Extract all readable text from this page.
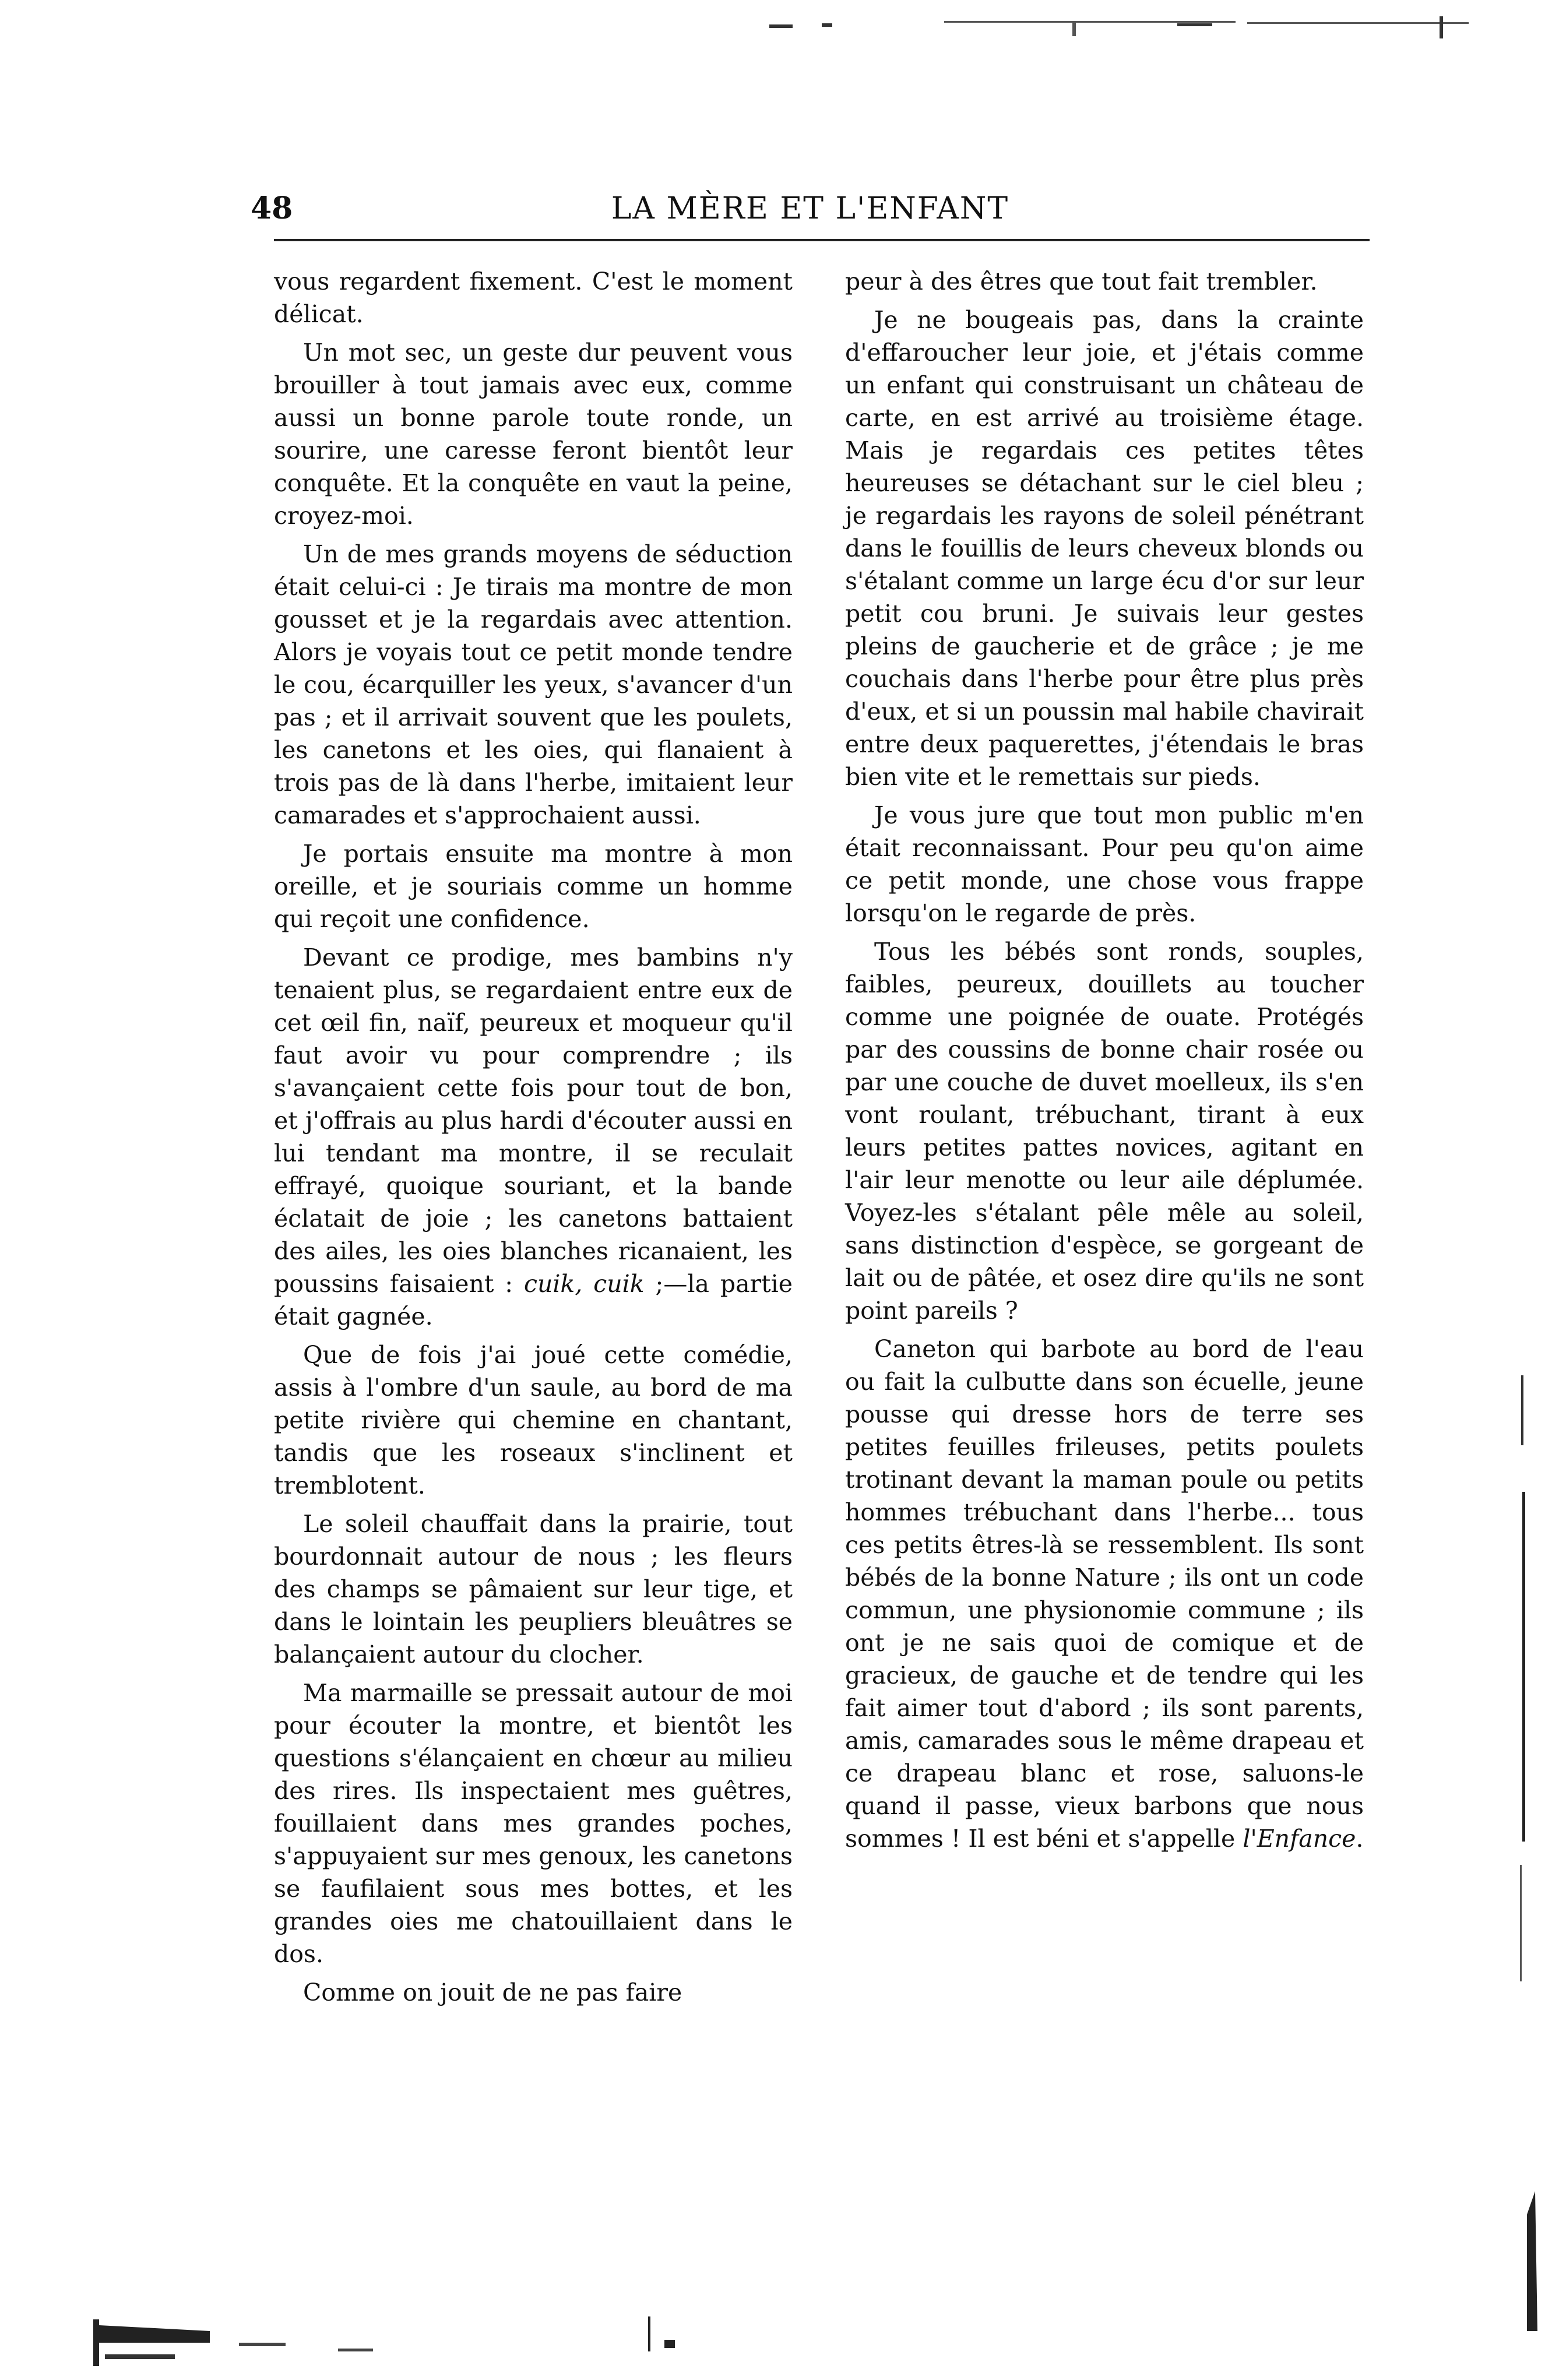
48	LA MÈRE ET L'ENFANT

vous regardent fixement. C'est le moment délicat.

Un mot sec, un geste dur peuvent vous brouiller à tout jamais avec eux, comme aussi un bonne parole toute ronde, un sourire, une caresse feront bientôt leur conquête. Et la conquête en vaut la peine, croyez-moi.

Un de mes grands moyens de séduction était celui-ci : Je tirais ma montre de mon gousset et je la regardais avec attention. Alors je voyais tout ce petit monde tendre le cou, écarquiller les yeux, s'avancer d'un pas ; et il arrivait souvent que les poulets, les canetons et les oies, qui flanaient à trois pas de là dans l'herbe, imitaient leur camarades et s'approchaient aussi.

Je portais ensuite ma montre à mon oreille, et je souriais comme un homme qui reçoit une confidence.

Devant ce prodige, mes bambins n'y tenaient plus, se regardaient entre eux de cet œil fin, naïf, peureux et moqueur qu'il faut avoir vu pour comprendre ; ils s'avançaient cette fois pour tout de bon, et j'offrais au plus hardi d'écouter aussi en lui tendant ma montre, il se reculait effrayé, quoique souriant, et la bande éclatait de joie ; les canetons battaient des ailes, les oies blanches ricanaient, les poussins faisaient : cuik, cuik ;—la partie était gagnée.

Que de fois j'ai joué cette comédie, assis à l'ombre d'un saule, au bord de ma petite rivière qui chemine en chantant, tandis que les roseaux s'inclinent et tremblotent.

Le soleil chauffait dans la prairie, tout bourdonnait autour de nous ; les fleurs des champs se pâmaient sur leur tige, et dans le lointain les peupliers bleuâtres se balançaient autour du clocher.

Ma marmaille se pressait autour de moi pour écouter la montre, et bientôt les questions s'élançaient en chœur au milieu des rires. Ils inspectaient mes guêtres, fouillaient dans mes grandes poches, s'appuyaient sur mes genoux, les canetons se faufilaient sous mes bottes, et les grandes oies me chatouillaient dans le dos.

Comme on jouit de ne pas faire

peur à des êtres que tout fait trembler.

Je ne bougeais pas, dans la crainte d'effaroucher leur joie, et j'étais comme un enfant qui construisant un château de carte, en est arrivé au troisième étage. Mais je regardais ces petites têtes heureuses se détachant sur le ciel bleu ; je regardais les rayons de soleil pénétrant dans le fouillis de leurs cheveux blonds ou s'étalant comme un large écu d'or sur leur petit cou bruni. Je suivais leur gestes pleins de gaucherie et de grâce ; je me couchais dans l'herbe pour être plus près d'eux, et si un poussin mal habile chavirait entre deux paquerettes, j'étendais le bras bien vite et le remettais sur pieds.

Je vous jure que tout mon public m'en était reconnaissant. Pour peu qu'on aime ce petit monde, une chose vous frappe lorsqu'on le regarde de près.

Tous les bébés sont ronds, souples, faibles, peureux, douillets au toucher comme une poignée de ouate. Protégés par des coussins de bonne chair rosée ou par une couche de duvet moelleux, ils s'en vont roulant, trébuchant, tirant à eux leurs petites pattes novices, agitant en l'air leur menotte ou leur aile déplumée. Voyez-les s'étalant pêle mêle au soleil, sans distinction d'espèce, se gorgeant de lait ou de pâtée, et osez dire qu'ils ne sont point pareils ?

Caneton qui barbote au bord de l'eau ou fait la culbutte dans son écuelle, jeune pousse qui dresse hors de terre ses petites feuilles frileuses, petits poulets trotinant devant la maman poule ou petits hommes trébuchant dans l'herbe... tous ces petits êtres-là se ressemblent. Ils sont bébés de la bonne Nature ; ils ont un code commun, une physionomie commune ; ils ont je ne sais quoi de comique et de gracieux, de gauche et de tendre qui les fait aimer tout d'abord ; ils sont parents, amis, camarades sous le même drapeau et ce drapeau blanc et rose, saluons-le quand il passe, vieux barbons que nous sommes ! Il est béni et s'appelle l'Enfance.
